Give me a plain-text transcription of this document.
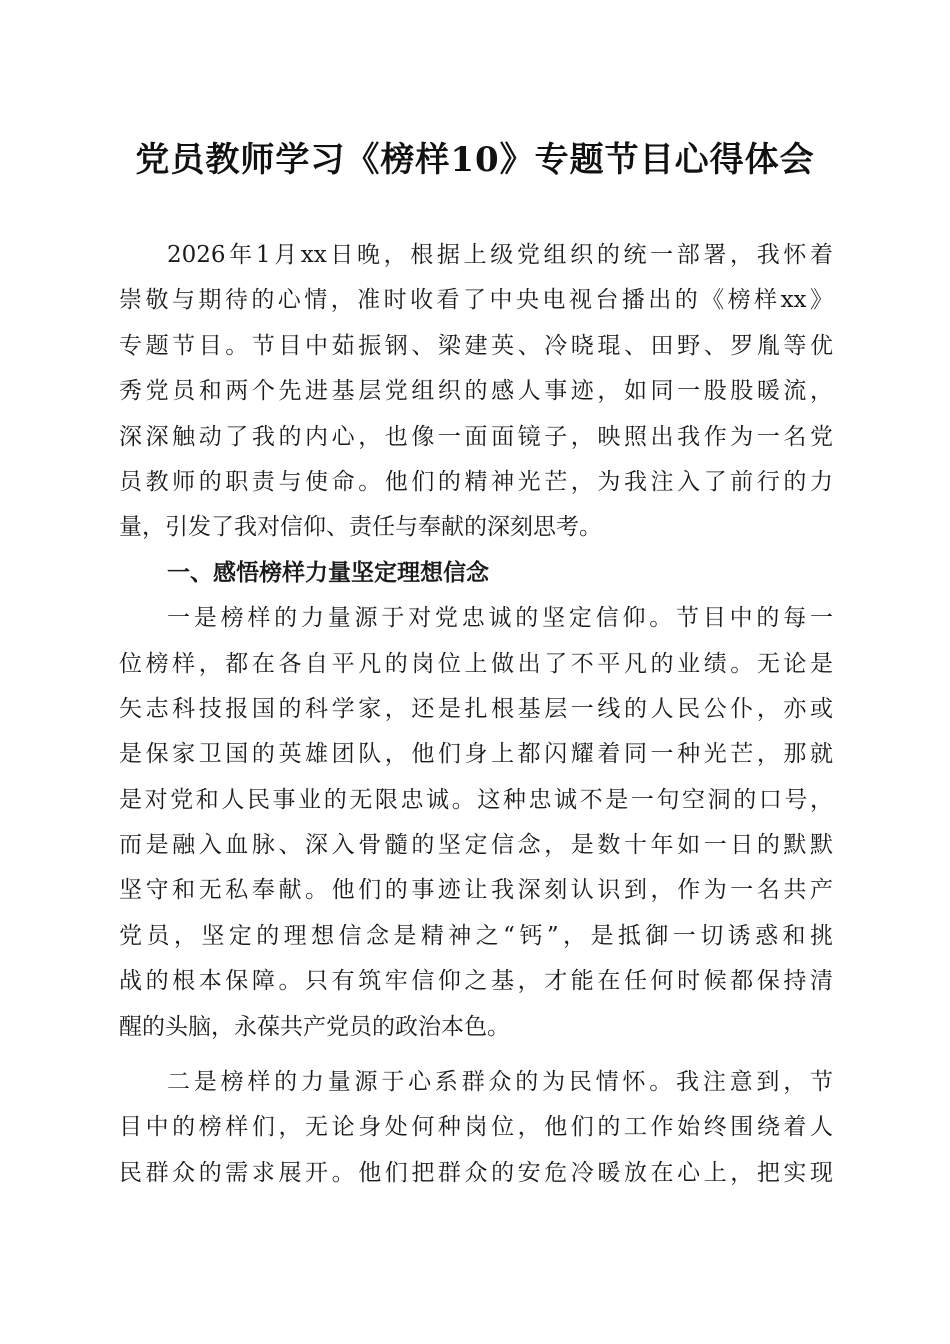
党员教师学习《榜样10》专题节目心得体会
2026年1月xx日晚，根据上级党组织的统一部署，我怀着
崇敬与期待的心情，准时收看了中央电视台播出的《榜样xx》
专题节目。节目中茹振钢、梁建英、冷晓琨、田野、罗胤等优
秀党员和两个先进基层党组织的感人事迹，如同一股股暖流，
深深触动了我的内心，也像一面面镜子，映照出我作为一名党
员教师的职责与使命。他们的精神光芒，为我注入了前行的力
量，引发了我对信仰、责任与奉献的深刻思考。
一、感悟榜样力量坚定理想信念
一是榜样的力量源于对党忠诚的坚定信仰。节目中的每一
位榜样，都在各自平凡的岗位上做出了不平凡的业绩。无论是
矢志科技报国的科学家，还是扎根基层一线的人民公仆，亦或
是保家卫国的英雄团队，他们身上都闪耀着同一种光芒，那就
是对党和人民事业的无限忠诚。这种忠诚不是一句空洞的口号，
而是融入血脉、深入骨髓的坚定信念，是数十年如一日的默默
坚守和无私奉献。他们的事迹让我深刻认识到，作为一名共产
党员，坚定的理想信念是精神之“钙”，是抵御一切诱惑和挑
战的根本保障。只有筑牢信仰之基，才能在任何时候都保持清
醒的头脑，永葆共产党员的政治本色。
二是榜样的力量源于心系群众的为民情怀。我注意到，节
目中的榜样们，无论身处何种岗位，他们的工作始终围绕着人
民群众的需求展开。他们把群众的安危冷暖放在心上，把实现
